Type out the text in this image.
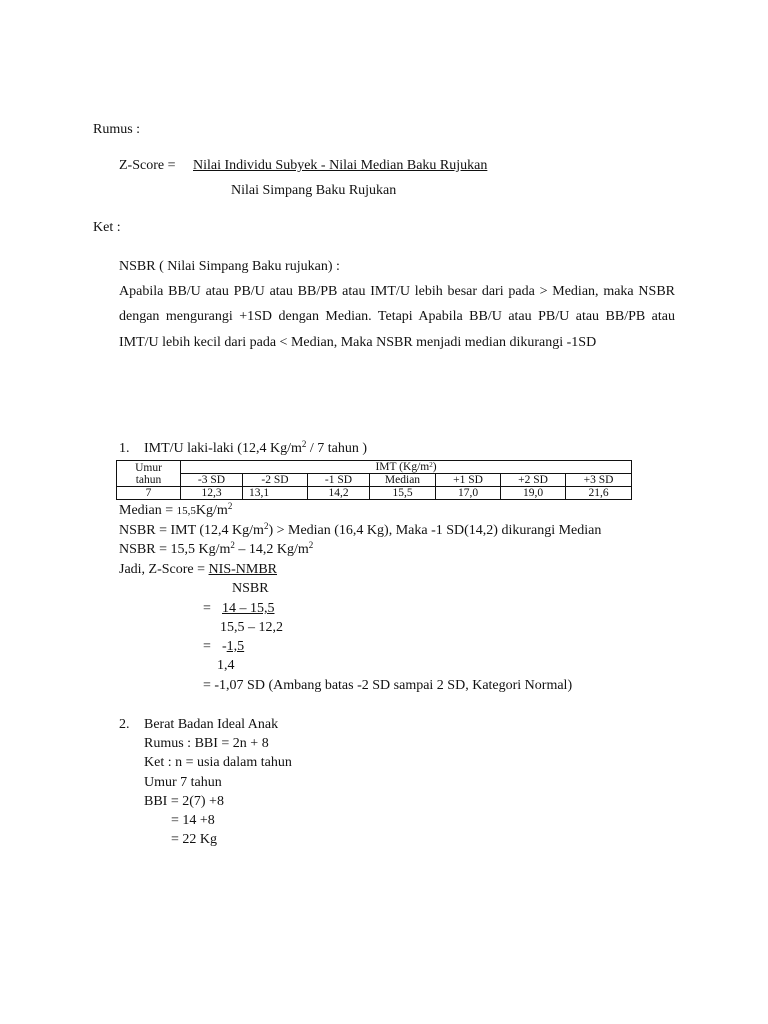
Rumus :
Z-Score = Nilai Individu Subyek - Nilai Median Baku Rujukan
Nilai Simpang Baku Rujukan
Ket :
NSBR ( Nilai Simpang Baku rujukan) :
Apabila BB/U atau PB/U atau BB/PB atau IMT/U lebih besar dari pada > Median, maka NSBR dengan mengurangi +1SD dengan Median. Tetapi Apabila BB/U atau PB/U atau BB/PB atau IMT/U lebih kecil dari pada < Median, Maka NSBR menjadi median dikurangi -1SD
1. IMT/U laki-laki (12,4 $Kg/m^2 / 7$ tahun )
Umur
tahun	IMT $(Kg/m^2)$						
	-3 SD	-2 SD	-1 SD	Median	+1 SD	+2 SD	+3 SD
7	12,3	13,1	14,2	15,5	17,0	19,0	21,6
Median = $15,5Kg/m^2$
NSBR = IMT (12,4 $Kg/m^2$) > Median (16,4 Kg), Maka -1 SD(14,2) dikurangi Median
NSBR = 15,5 $Kg/m^2 - 14,2$ $Kg/m^2$
Jadi, Z-Score = NIS-NMBR
NSBR
= 14 – 15,5
15,5 – 12,2
= -1,5
1,4
= -1,07 SD (Ambang batas -2 SD sampai 2 SD, Kategori Normal)
2. Berat Badan Ideal Anak
Rumus : BBI = 2n + 8
Ket : n = usia dalam tahun
Umur 7 tahun
BBI = 2(7) +8
= 14 +8
= 22 Kg
